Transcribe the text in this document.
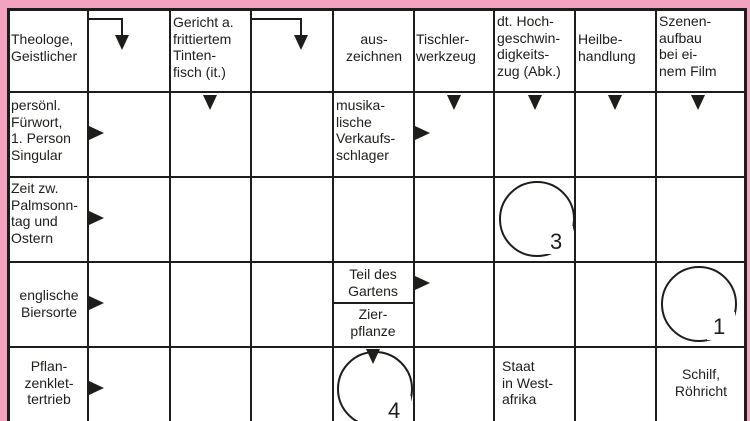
Theologe,
Geistlicher
Gericht a.
frittiertem
Tinten-
fisch (it.)
aus-
zeichnen
Tischler-
werkzeug
dt. Hoch-
geschwin-
digkeits-
zug (Abk.)
Heilbe-
handlung
Szenen-
aufbau
bei ei-
nem Film
persönl.
Fürwort,
1. Person
Singular
musika-
lische
Verkaufs-
schlager
Zeit zw.
Palmsonn-
tag und
Ostern
englische
Biersorte
Teil des
Gartens
Zier-
pflanze
Pflan-
zenklet-
tertrieb
Staat
in West-
afrika
Schilf,
Röhricht
3
1
4
